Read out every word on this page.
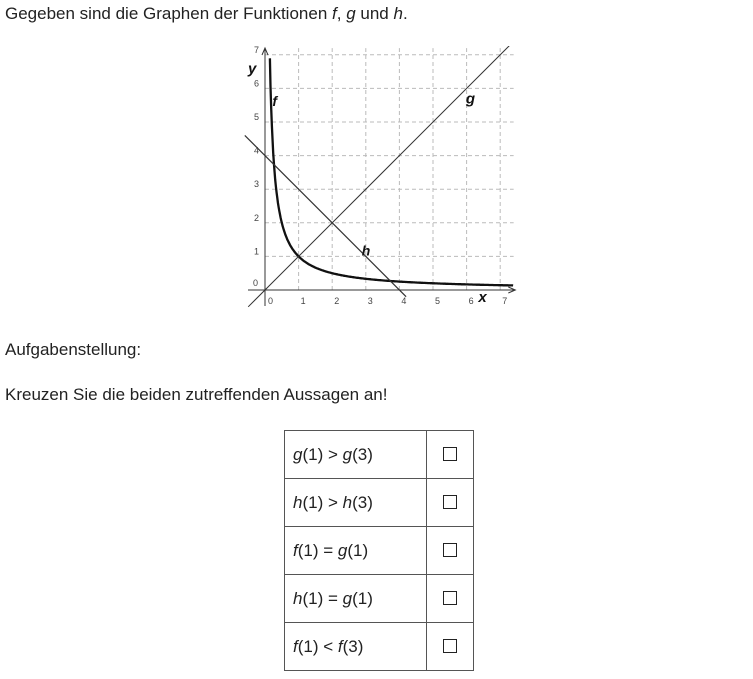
Gegeben sind die Graphen der Funktionen f, g und h.
0	1	2	3	4	5	6	7
0
1
2
3
4
5
6
7
x
y
f	g
h
Aufgabenstellung:
Kreuzen Sie die beiden zutreffenden Aussagen an!
g(1) > g(3)	
h(1) > h(3)	
f(1) = g(1)	
h(1) = g(1)	
f(1) < f(3)	
